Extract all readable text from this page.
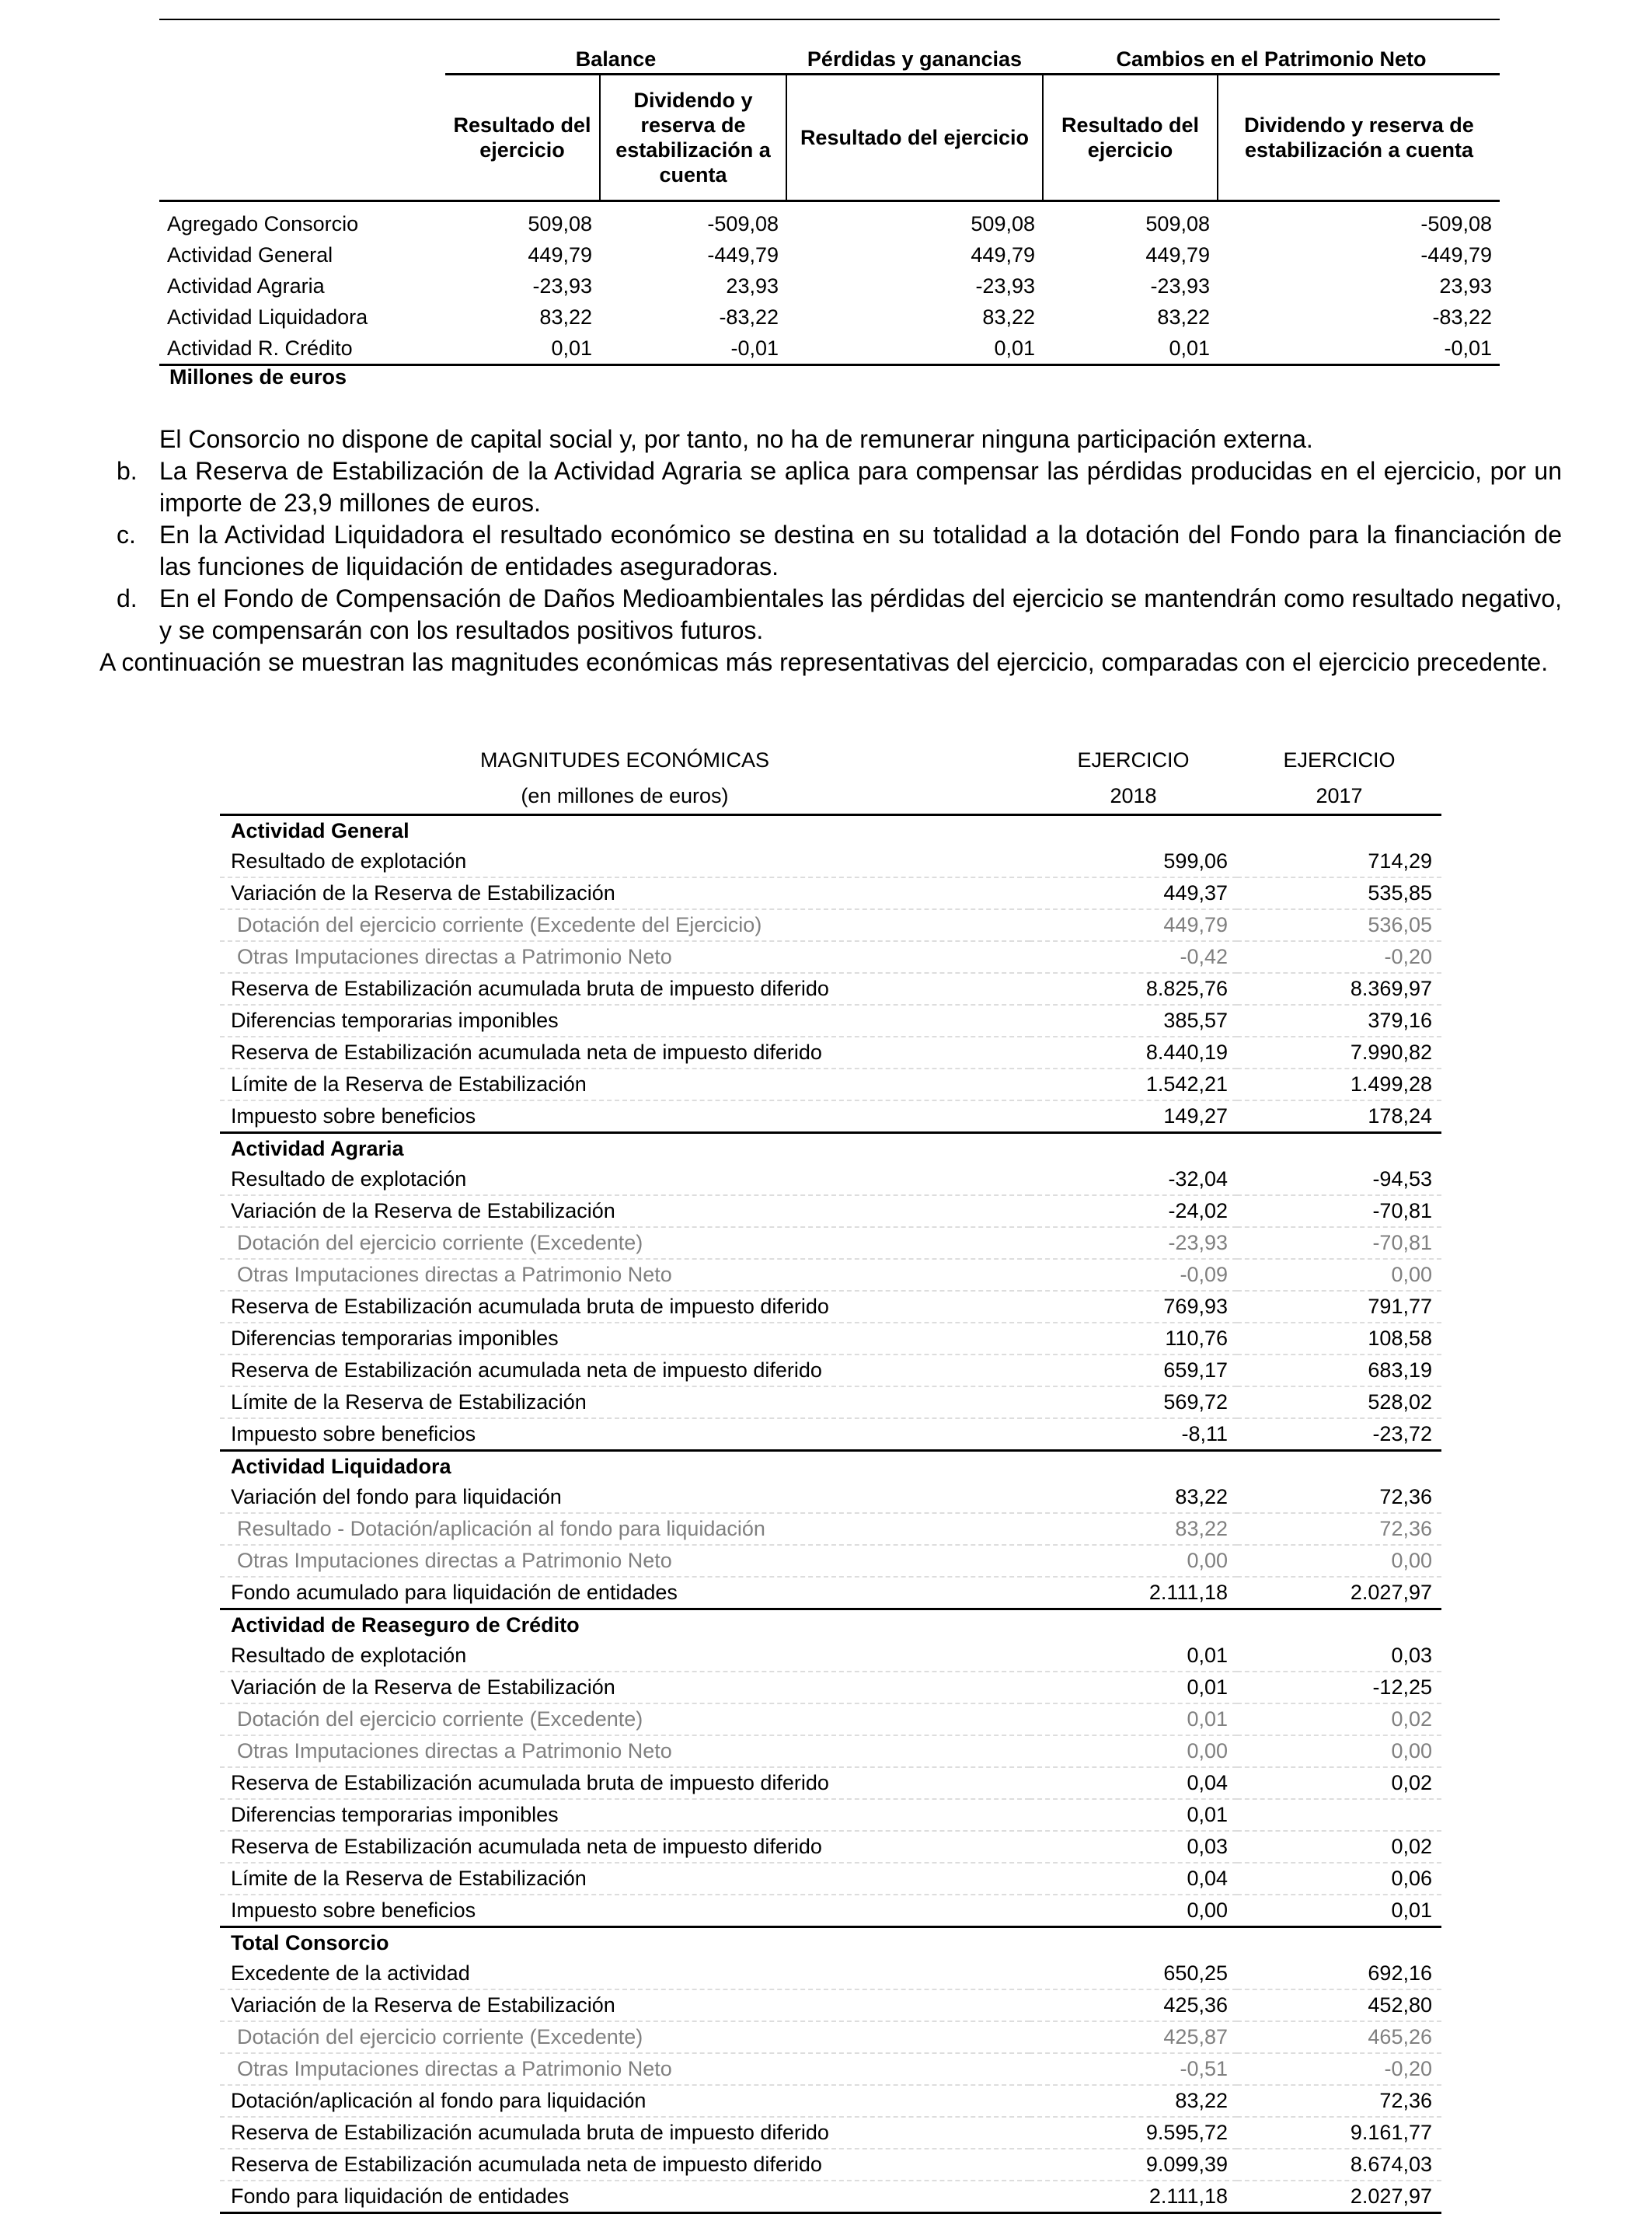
	Balance		Pérdidas y ganancias	Cambios en el Patrimonio Neto	
	Resultado del ejercicio	Dividendo y reserva de estabilización a cuenta	Resultado del ejercicio	Resultado del ejercicio	Dividendo y reserva de estabilización a cuenta
Agregado Consorcio	509,08	-509,08	509,08	509,08	-509,08
Actividad General	449,79	-449,79	449,79	449,79	-449,79
Actividad Agraria	-23,93	23,93	-23,93	-23,93	23,93
Actividad Liquidadora	83,22	-83,22	83,22	83,22	-83,22
Actividad R. Crédito	0,01	-0,01	0,01	0,01	-0,01
Millones de euros
El Consorcio no dispone de capital social y, por tanto, no ha de remunerar ninguna participación externa.
b. La Reserva de Estabilización de la Actividad Agraria se aplica para compensar las pérdidas producidas en el ejercicio, por un importe de 23,9 millones de euros.
c. En la Actividad Liquidadora el resultado económico se destina en su totalidad a la dotación del Fondo para la financiación de las funciones de liquidación de entidades aseguradoras.
d. En el Fondo de Compensación de Daños Medioambientales las pérdidas del ejercicio se mantendrán como resultado negativo, y se compensarán con los resultados positivos futuros.
A continuación se muestran las magnitudes económicas más representativas del ejercicio, comparadas con el ejercicio precedente.
MAGNITUDES ECONÓMICAS	EJERCICIO	EJERCICIO
(en millones de euros)	2018	2017
Actividad General		
Resultado de explotación	599,06	714,29
Variación de la Reserva de Estabilización	449,37	535,85
Dotación del ejercicio corriente (Excedente del Ejercicio)	449,79	536,05
Otras Imputaciones directas a Patrimonio Neto	-0,42	-0,20
Reserva de Estabilización acumulada bruta de impuesto diferido	8.825,76	8.369,97
Diferencias temporarias imponibles	385,57	379,16
Reserva de Estabilización acumulada neta de impuesto diferido	8.440,19	7.990,82
Límite de la Reserva de Estabilización	1.542,21	1.499,28
Impuesto sobre beneficios	149,27	178,24
Actividad Agraria		
Resultado de explotación	-32,04	-94,53
Variación de la Reserva de Estabilización	-24,02	-70,81
Dotación del ejercicio corriente (Excedente)	-23,93	-70,81
Otras Imputaciones directas a Patrimonio Neto	-0,09	0,00
Reserva de Estabilización acumulada bruta de impuesto diferido	769,93	791,77
Diferencias temporarias imponibles	110,76	108,58
Reserva de Estabilización acumulada neta de impuesto diferido	659,17	683,19
Límite de la Reserva de Estabilización	569,72	528,02
Impuesto sobre beneficios	-8,11	-23,72
Actividad Liquidadora		
Variación del fondo para liquidación	83,22	72,36
Resultado - Dotación/aplicación al fondo para liquidación	83,22	72,36
Otras Imputaciones directas a Patrimonio Neto	0,00	0,00
Fondo acumulado para liquidación de entidades	2.111,18	2.027,97
Actividad de Reaseguro de Crédito		
Resultado de explotación	0,01	0,03
Variación de la Reserva de Estabilización	0,01	-12,25
Dotación del ejercicio corriente (Excedente)	0,01	0,02
Otras Imputaciones directas a Patrimonio Neto	0,00	0,00
Reserva de Estabilización acumulada bruta de impuesto diferido	0,04	0,02
Diferencias temporarias imponibles	0,01	
Reserva de Estabilización acumulada neta de impuesto diferido	0,03	0,02
Límite de la Reserva de Estabilización	0,04	0,06
Impuesto sobre beneficios	0,00	0,01
Total Consorcio		
Excedente de la actividad	650,25	692,16
Variación de la Reserva de Estabilización	425,36	452,80
Dotación del ejercicio corriente (Excedente)	425,87	465,26
Otras Imputaciones directas a Patrimonio Neto	-0,51	-0,20
Dotación/aplicación al fondo para liquidación	83,22	72,36
Reserva de Estabilización acumulada bruta de impuesto diferido	9.595,72	9.161,77
Reserva de Estabilización acumulada neta de impuesto diferido	9.099,39	8.674,03
Fondo para liquidación de entidades	2.111,18	2.027,97
